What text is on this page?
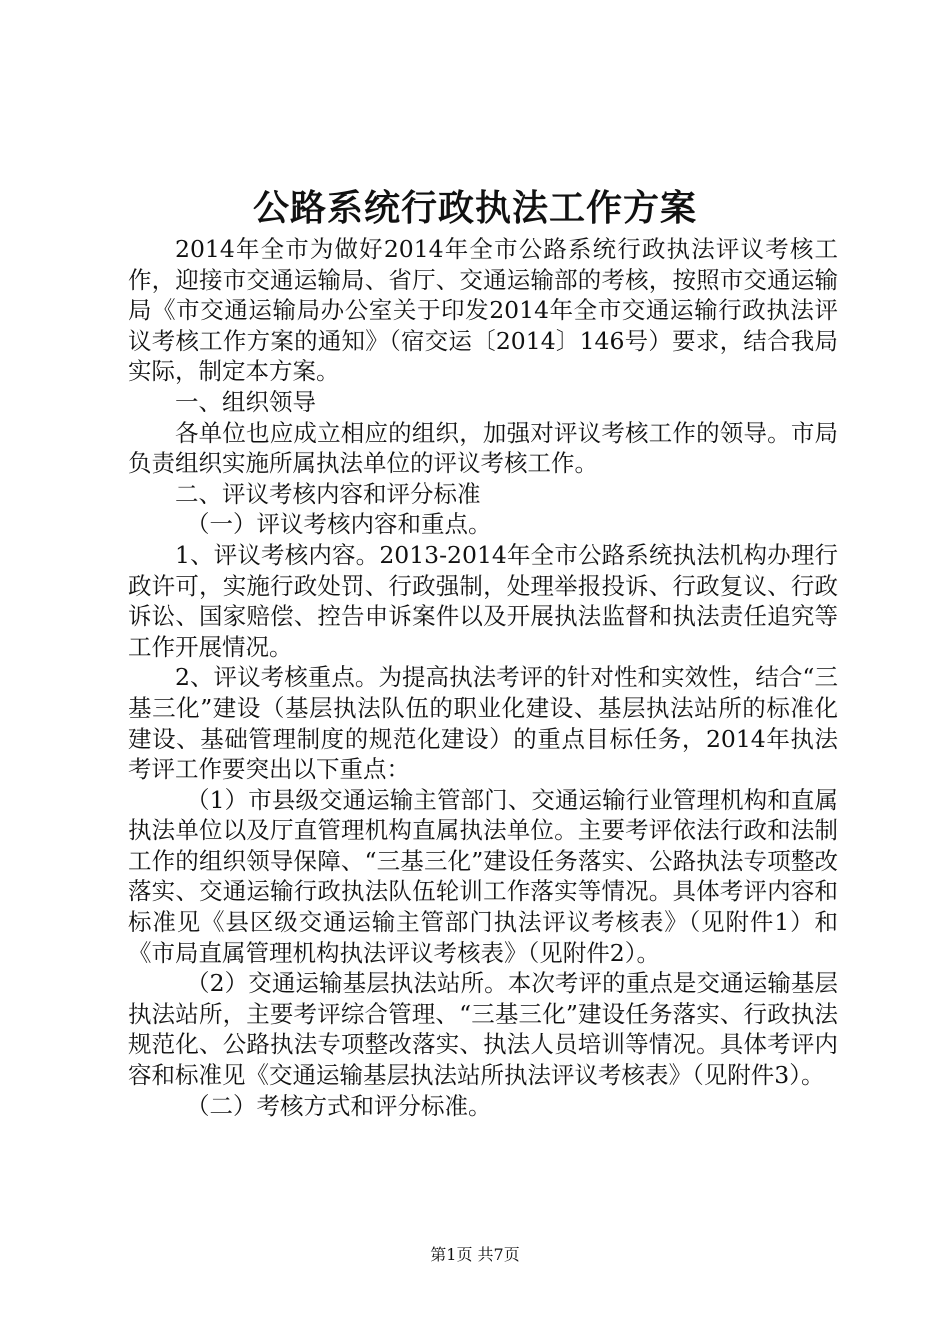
公路系统行政执法工作方案

2014年全市为做好2014年全市公路系统行政执法评议考核工作，迎接市交通运输局、省厅、交通运输部的考核，按照市交通运输局《市交通运输局办公室关于印发2014年全市交通运输行政执法评议考核工作方案的通知》（宿交运〔2014〕146号）要求，结合我局实际，制定本方案。

一、组织领导

各单位也应成立相应的组织，加强对评议考核工作的领导。市局负责组织实施所属执法单位的评议考核工作。

二、评议考核内容和评分标准

（一）评议考核内容和重点。

1、评议考核内容。2013-2014年全市公路系统执法机构办理行政许可，实施行政处罚、行政强制，处理举报投诉、行政复议、行政诉讼、国家赔偿、控告申诉案件以及开展执法监督和执法责任追究等工作开展情况。

2、评议考核重点。为提高执法考评的针对性和实效性，结合“三基三化”建设（基层执法队伍的职业化建设、基层执法站所的标准化建设、基础管理制度的规范化建设）的重点目标任务，2014年执法考评工作要突出以下重点：

（1）市县级交通运输主管部门、交通运输行业管理机构和直属执法单位以及厅直管理机构直属执法单位。主要考评依法行政和法制工作的组织领导保障、“三基三化”建设任务落实、公路执法专项整改落实、交通运输行政执法队伍轮训工作落实等情况。具体考评内容和标准见《县区级交通运输主管部门执法评议考核表》（见附件1）和《市局直属管理机构执法评议考核表》（见附件2）。

（2）交通运输基层执法站所。本次考评的重点是交通运输基层执法站所，主要考评综合管理、“三基三化”建设任务落实、行政执法规范化、公路执法专项整改落实、执法人员培训等情况。具体考评内容和标准见《交通运输基层执法站所执法评议考核表》（见附件3）。

（二）考核方式和评分标准。

第1页 共7页
